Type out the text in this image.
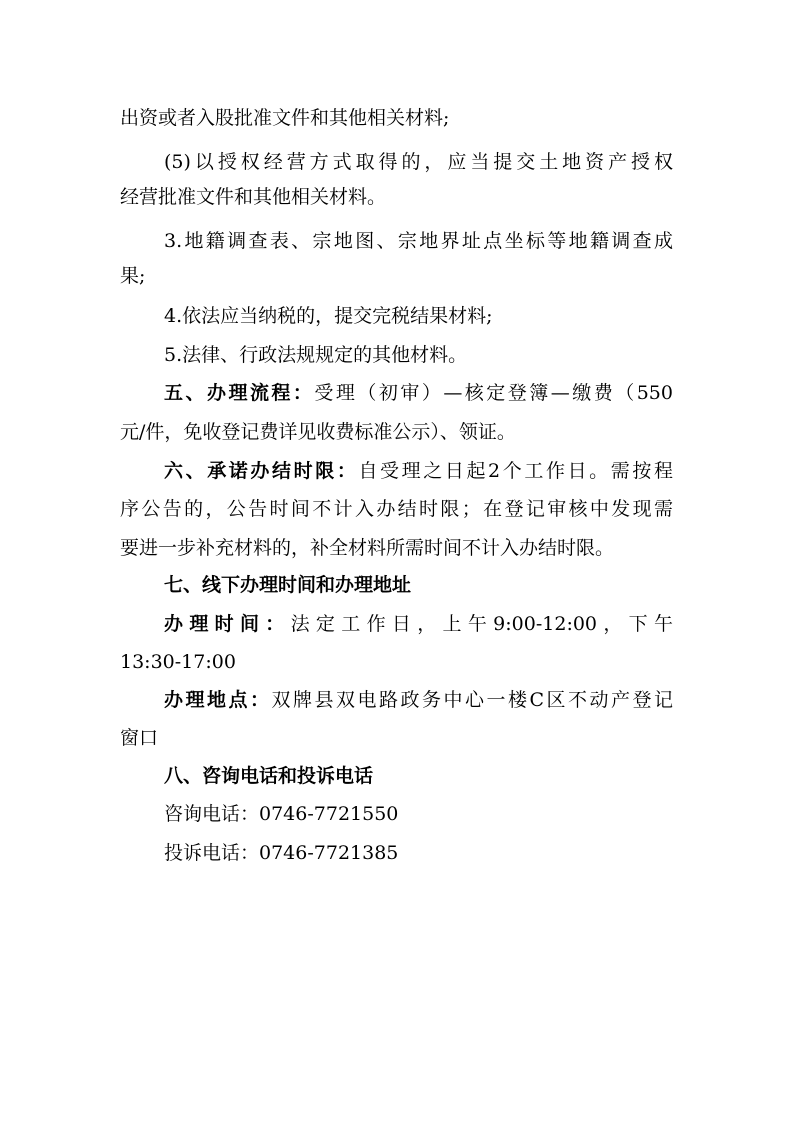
出资或者入股批准文件和其他相关材料;
(5)以授权经营方式取得的，应当提交土地资产授权
经营批准文件和其他相关材料。
3.地籍调查表、宗地图、宗地界址点坐标等地籍调查成
果;
4.依法应当纳税的，提交完税结果材料;
5.法律、行政法规规定的其他材料。
五、办理流程：受理（初审）—核定登簿—缴费（550
元/件，免收登记费详见收费标准公示）、领证。
六、承诺办结时限：自受理之日起2个工作日。需按程
序公告的，公告时间不计入办结时限；在登记审核中发现需
要进一步补充材料的，补全材料所需时间不计入办结时限。
七、线下办理时间和办理地址
办理时间：法定工作日，上午9:00-12:00，下午
13:30-17:00
办理地点：双牌县双电路政务中心一楼C区不动产登记
窗口
八、咨询电话和投诉电话
咨询电话：0746-7721550
投诉电话：0746-7721385
